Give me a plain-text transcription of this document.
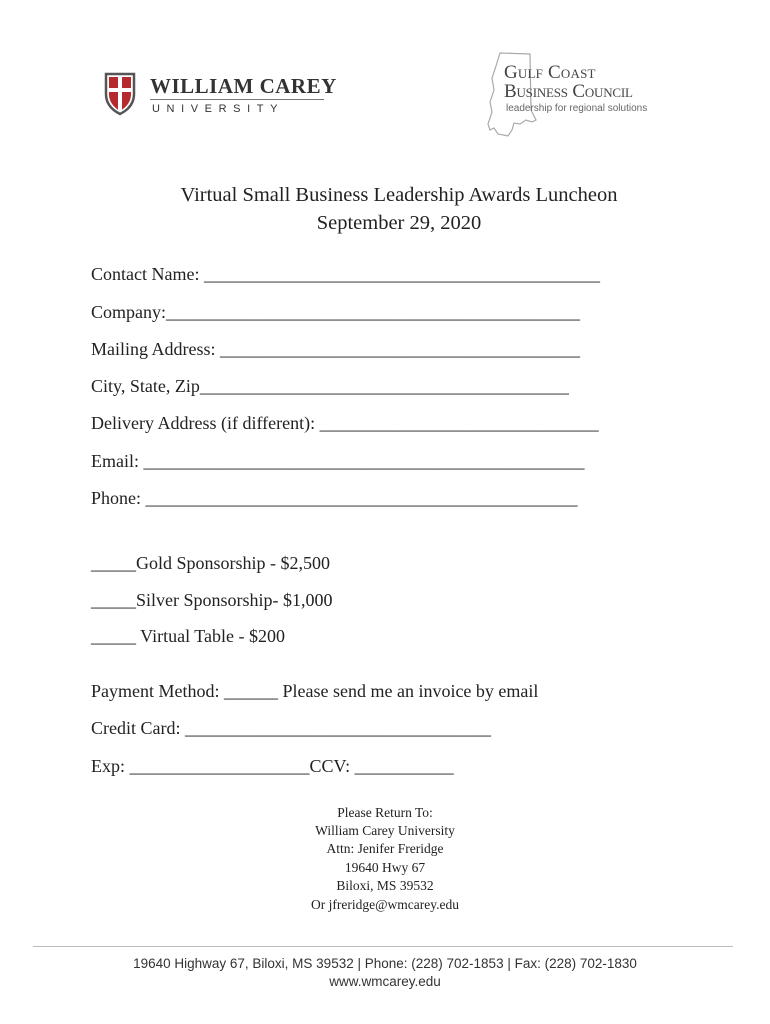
WILLIAM CAREY
UNIVERSITY
Gulf Coast
Business Council
leadership for regional solutions
Virtual Small Business Leadership Awards Luncheon
September 29, 2020
Contact Name: ____________________________________________
Company:______________________________________________
Mailing Address: ________________________________________
City, State, Zip_________________________________________
Delivery Address (if different): _______________________________
Email: _________________________________________________
Phone: ________________________________________________
_____Gold Sponsorship - $2,500
_____Silver Sponsorship- $1,000
_____ Virtual Table - $200
Payment Method: ______ Please send me an invoice by email
Credit Card: __________________________________
Exp: ____________________CCV: ___________
Please Return To:
William Carey University
Attn: Jenifer Freridge
19640 Hwy 67
Biloxi, MS 39532
Or jfreridge@wmcarey.edu
19640 Highway 67, Biloxi, MS 39532 | Phone: (228) 702-1853 | Fax: (228) 702-1830
www.wmcarey.edu
